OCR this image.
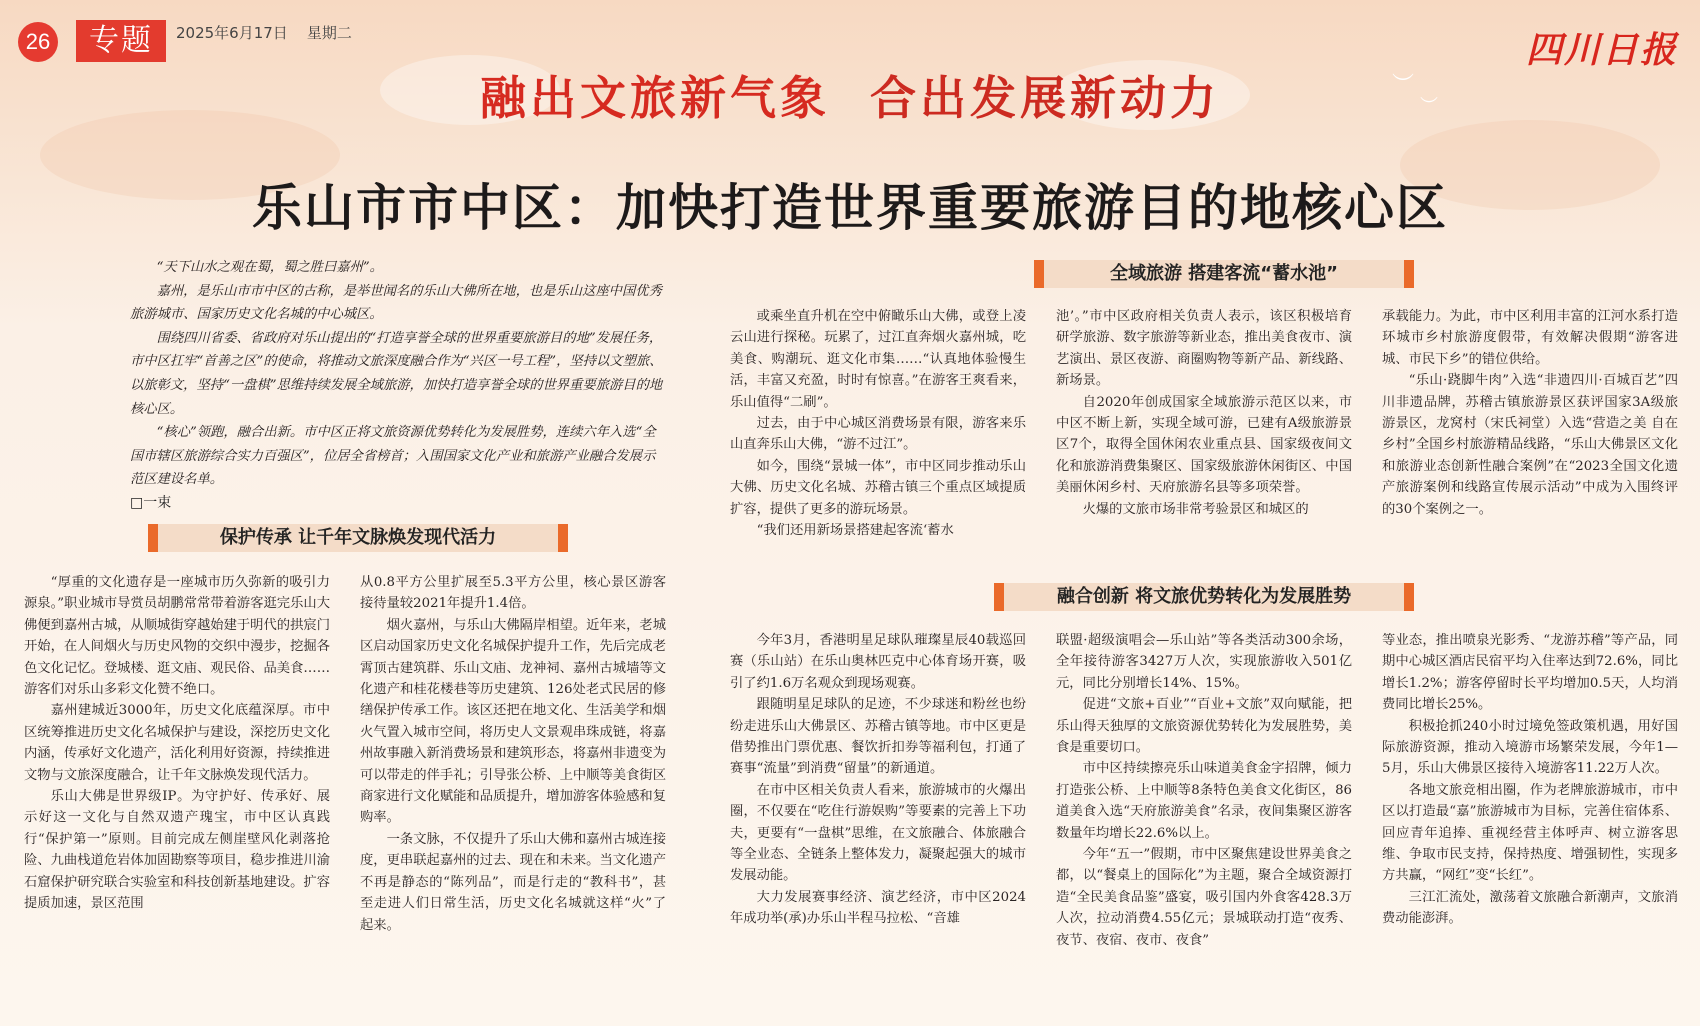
26	专题	2025年6月17日 星期二	四川日报
︶
︶
融出文旅新气象 合出发展新动力
乐山市市中区：加快打造世界重要旅游目的地核心区

“天下山水之观在蜀，蜀之胜曰嘉州”。

嘉州，是乐山市市中区的古称，是举世闻名的乐山大佛所在地，也是乐山这座中国优秀旅游城市、国家历史文化名城的中心城区。

围绕四川省委、省政府对乐山提出的“打造享誉全球的世界重要旅游目的地”发展任务，市中区扛牢“首善之区”的使命，将推动文旅深度融合作为“兴区一号工程”，坚持以文塑旅、以旅彰文，坚持“一盘棋”思维持续发展全域旅游，加快打造享誉全球的世界重要旅游目的地核心区。

“核心”领跑，融合出新。市中区正将文旅资源优势转化为发展胜势，连续六年入选“全国市辖区旅游综合实力百强区”，位居全省榜首；入围国家文化产业和旅游产业融合发展示范区建设名单。

□一束
保护传承 让千年文脉焕发现代活力
全域旅游 搭建客流“蓄水池”
融合创新 将文旅优势转化为发展胜势

“厚重的文化遗存是一座城市历久弥新的吸引力源泉。”职业城市导赏员胡鹏常常带着游客逛完乐山大佛便到嘉州古城，从顺城街穿越始建于明代的拱宸门开始，在人间烟火与历史风物的交织中漫步，挖掘各色文化记忆。登城楼、逛文庙、观民俗、品美食……游客们对乐山多彩文化赞不绝口。

嘉州建城近3000年，历史文化底蕴深厚。市中区统筹推进历史文化名城保护与建设，深挖历史文化内涵，传承好文化遗产，活化利用好资源，持续推进文物与文旅深度融合，让千年文脉焕发现代活力。

乐山大佛是世界级IP。为守护好、传承好、展示好这一文化与自然双遗产瑰宝，市中区认真践行“保护第一”原则。目前完成左侧崖壁风化剥落抢险、九曲栈道危岩体加固勘察等项目，稳步推进川渝石窟保护研究联合实验室和科技创新基地建设。扩容提质加速，景区范围

从0.8平方公里扩展至5.3平方公里，核心景区游客接待量较2021年提升1.4倍。

烟火嘉州，与乐山大佛隔岸相望。近年来，老城区启动国家历史文化名城保护提升工作，先后完成老霄顶古建筑群、乐山文庙、龙神祠、嘉州古城墙等文化遗产和桂花楼巷等历史建筑、126处老式民居的修缮保护传承工作。该区还把在地文化、生活美学和烟火气置入城市空间，将历史人文景观串珠成链，将嘉州故事融入新消费场景和建筑形态，将嘉州非遗变为可以带走的伴手礼；引导张公桥、上中顺等美食街区商家进行文化赋能和品质提升，增加游客体验感和复购率。

一条文脉，不仅提升了乐山大佛和嘉州古城连接度，更串联起嘉州的过去、现在和未来。当文化遗产不再是静态的“陈列品”，而是行走的“教科书”，甚至走进人们日常生活，历史文化名城就这样“火”了起来。

或乘坐直升机在空中俯瞰乐山大佛，或登上凌云山进行探秘。玩累了，过江直奔烟火嘉州城，吃美食、购潮玩、逛文化市集……“认真地体验慢生活，丰富又充盈，时时有惊喜。”在游客王爽看来，乐山值得“二刷”。

过去，由于中心城区消费场景有限，游客来乐山直奔乐山大佛，“游不过江”。

如今，围绕“景城一体”，市中区同步推动乐山大佛、历史文化名城、苏稽古镇三个重点区域提质扩容，提供了更多的游玩场景。

“我们还用新场景搭建起客流‘蓄水

池’。”市中区政府相关负责人表示，该区积极培育研学旅游、数字旅游等新业态，推出美食夜市、演艺演出、景区夜游、商圈购物等新产品、新线路、新场景。

自2020年创成国家全域旅游示范区以来，市中区不断上新，实现全域可游，已建有A级旅游景区7个，取得全国休闲农业重点县、国家级夜间文化和旅游消费集聚区、国家级旅游休闲街区、中国美丽休闲乡村、天府旅游名县等多项荣誉。

火爆的文旅市场非常考验景区和城区的

承载能力。为此，市中区利用丰富的江河水系打造环城市乡村旅游度假带，有效解决假期“游客进城、市民下乡”的错位供给。

“乐山·跷脚牛肉”入选“非遗四川·百城百艺”四川非遗品牌，苏稽古镇旅游景区获评国家3A级旅游景区，龙窝村（宋氏祠堂）入选“营造之美 自在乡村”全国乡村旅游精品线路，“乐山大佛景区文化和旅游业态创新性融合案例”在“2023全国文化遗产旅游案例和线路宣传展示活动”中成为入围终评的30个案例之一。

今年3月，香港明星足球队璀璨星辰40载巡回赛（乐山站）在乐山奥林匹克中心体育场开赛，吸引了约1.6万名观众到现场观赛。

跟随明星足球队的足迹，不少球迷和粉丝也纷纷走进乐山大佛景区、苏稽古镇等地。市中区更是借势推出门票优惠、餐饮折扣券等福利包，打通了赛事“流量”到消费“留量”的新通道。

在市中区相关负责人看来，旅游城市的火爆出圈，不仅要在“吃住行游娱购”等要素的完善上下功夫，更要有“一盘棋”思维，在文旅融合、体旅融合等全业态、全链条上整体发力，凝聚起强大的城市发展动能。

大力发展赛事经济、演艺经济，市中区2024年成功举(承)办乐山半程马拉松、“音雄

联盟·超级演唱会—乐山站”等各类活动300余场，全年接待游客3427万人次，实现旅游收入501亿元，同比分别增长14%、15%。

促进“文旅+百业”“百业+文旅”双向赋能，把乐山得天独厚的文旅资源优势转化为发展胜势，美食是重要切口。

市中区持续擦亮乐山味道美食金字招牌，倾力打造张公桥、上中顺等8条特色美食文化街区，86道美食入选“天府旅游美食”名录，夜间集聚区游客数量年均增长22.6%以上。

今年“五一”假期，市中区聚焦建设世界美食之都，以“餐桌上的国际化”为主题，聚合全域资源打造“全民美食品鉴”盛宴，吸引国内外食客428.3万人次，拉动消费4.55亿元；景城联动打造“夜秀、夜节、夜宿、夜市、夜食”

等业态，推出喷泉光影秀、“龙游苏稽”等产品，同期中心城区酒店民宿平均入住率达到72.6%，同比增长1.2%；游客停留时长平均增加0.5天，人均消费同比增长25%。

积极抢抓240小时过境免签政策机遇，用好国际旅游资源，推动入境游市场繁荣发展，今年1—5月，乐山大佛景区接待入境游客11.22万人次。

各地文旅竞相出圈，作为老牌旅游城市，市中区以打造最“嘉”旅游城市为目标，完善住宿体系、回应青年追捧、重视经营主体呼声、树立游客思维、争取市民支持，保持热度、增强韧性，实现多方共赢，“网红”变“长红”。

三江汇流处，激荡着文旅融合新潮声，文旅消费动能澎湃。
